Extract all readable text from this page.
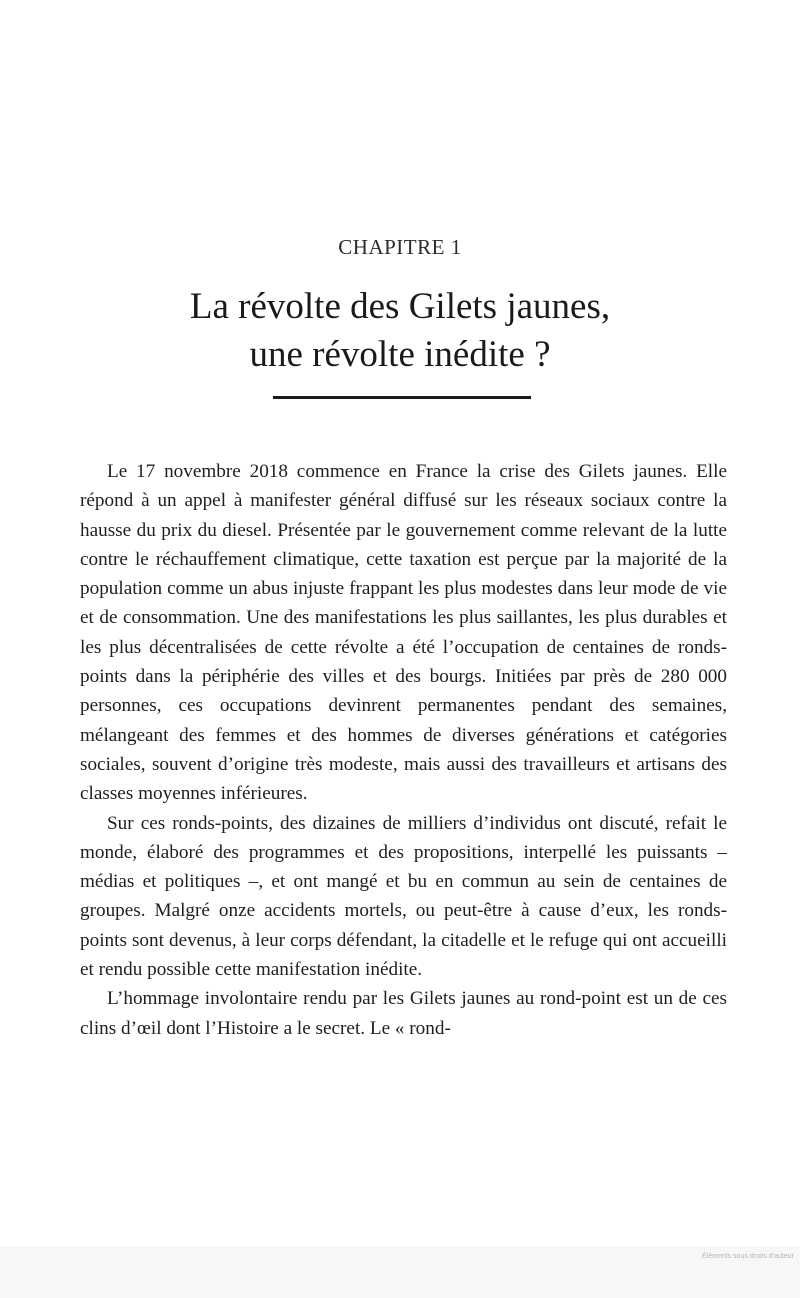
CHAPITRE 1
La révolte des Gilets jaunes,
une révolte inédite ?

Le 17 novembre 2018 commence en France la crise des Gilets jaunes. Elle répond à un appel à manifester général diffusé sur les réseaux sociaux contre la hausse du prix du diesel. Présentée par le gouvernement comme relevant de la lutte contre le réchauffement climatique, cette taxation est perçue par la majorité de la population comme un abus injuste frappant les plus modestes dans leur mode de vie et de consommation. Une des manifestations les plus saillantes, les plus durables et les plus décentralisées de cette révolte a été l’occupation de centaines de ronds-points dans la périphérie des villes et des bourgs. Initiées par près de 280 000 personnes, ces occupations devinrent permanentes pendant des semaines, mélangeant des femmes et des hommes de diverses générations et catégories sociales, souvent d’origine très modeste, mais aussi des travailleurs et artisans des classes moyennes inférieures.

Sur ces ronds-points, des dizaines de milliers d’individus ont discuté, refait le monde, élaboré des programmes et des propositions, interpellé les puissants – médias et politiques –, et ont mangé et bu en commun au sein de centaines de groupes. Malgré onze accidents mortels, ou peut-être à cause d’eux, les ronds-points sont devenus, à leur corps défendant, la citadelle et le refuge qui ont accueilli et rendu possible cette manifestation inédite.

L’hommage involontaire rendu par les Gilets jaunes au rond-point est un de ces clins d’œil dont l’Histoire a le secret. Le « rond-

Éléments sous droits d'auteur
